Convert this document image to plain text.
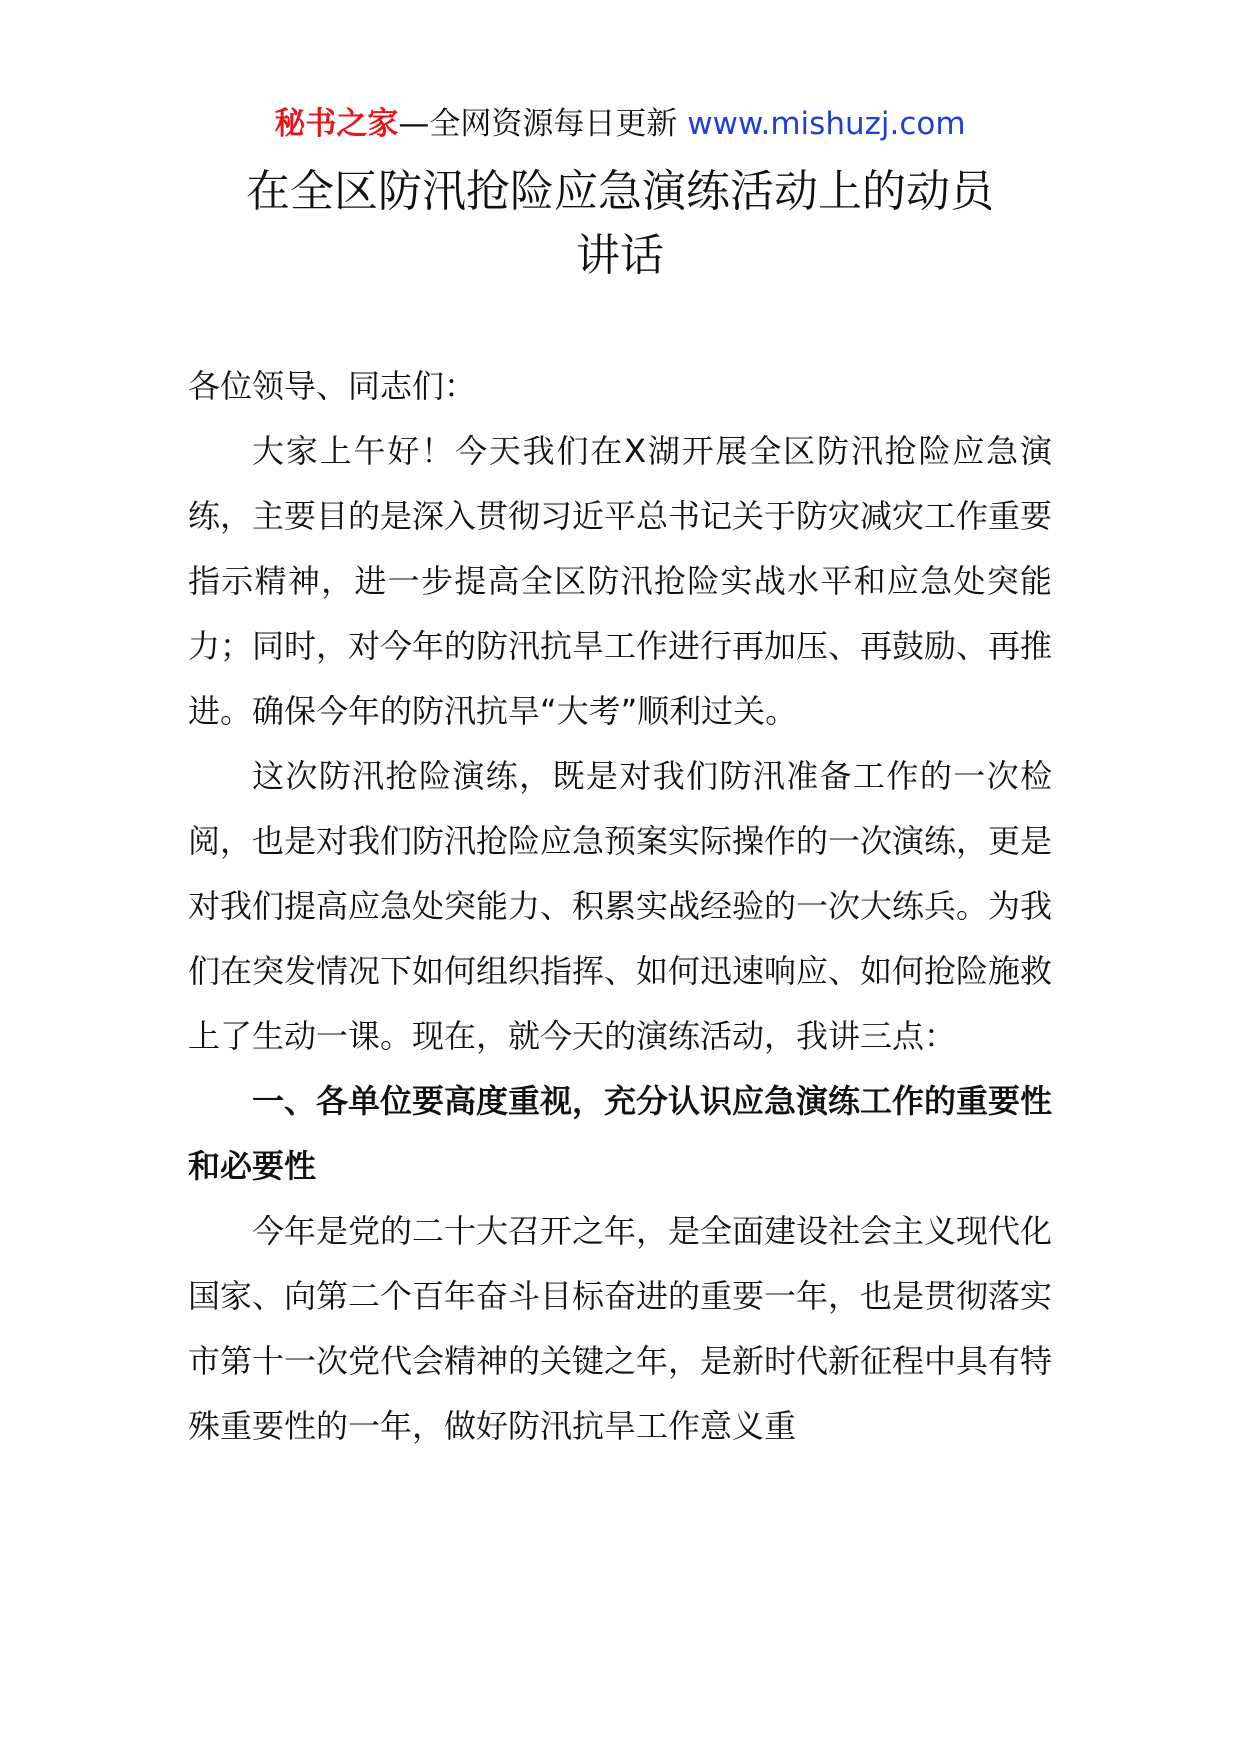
秘书之家—全网资源每日更新 www.mishuzj.com
在全区防汛抢险应急演练活动上的动员
讲话

各位领导、同志们：

大家上午好！今天我们在X湖开展全区防汛抢险应急演练，主要目的是深入贯彻习近平总书记关于防灾减灾工作重要指示精神，进一步提高全区防汛抢险实战水平和应急处突能力；同时，对今年的防汛抗旱工作进行再加压、再鼓励、再推进。确保今年的防汛抗旱“大考”顺利过关。

这次防汛抢险演练，既是对我们防汛准备工作的一次检阅，也是对我们防汛抢险应急预案实际操作的一次演练，更是对我们提高应急处突能力、积累实战经验的一次大练兵。为我们在突发情况下如何组织指挥、如何迅速响应、如何抢险施救上了生动一课。现在，就今天的演练活动，我讲三点：

一、各单位要高度重视，充分认识应急演练工作的重要性和必要性

今年是党的二十大召开之年，是全面建设社会主义现代化国家、向第二个百年奋斗目标奋进的重要一年，也是贯彻落实市第十一次党代会精神的关键之年，是新时代新征程中具有特殊重要性的一年，做好防汛抗旱工作意义重
